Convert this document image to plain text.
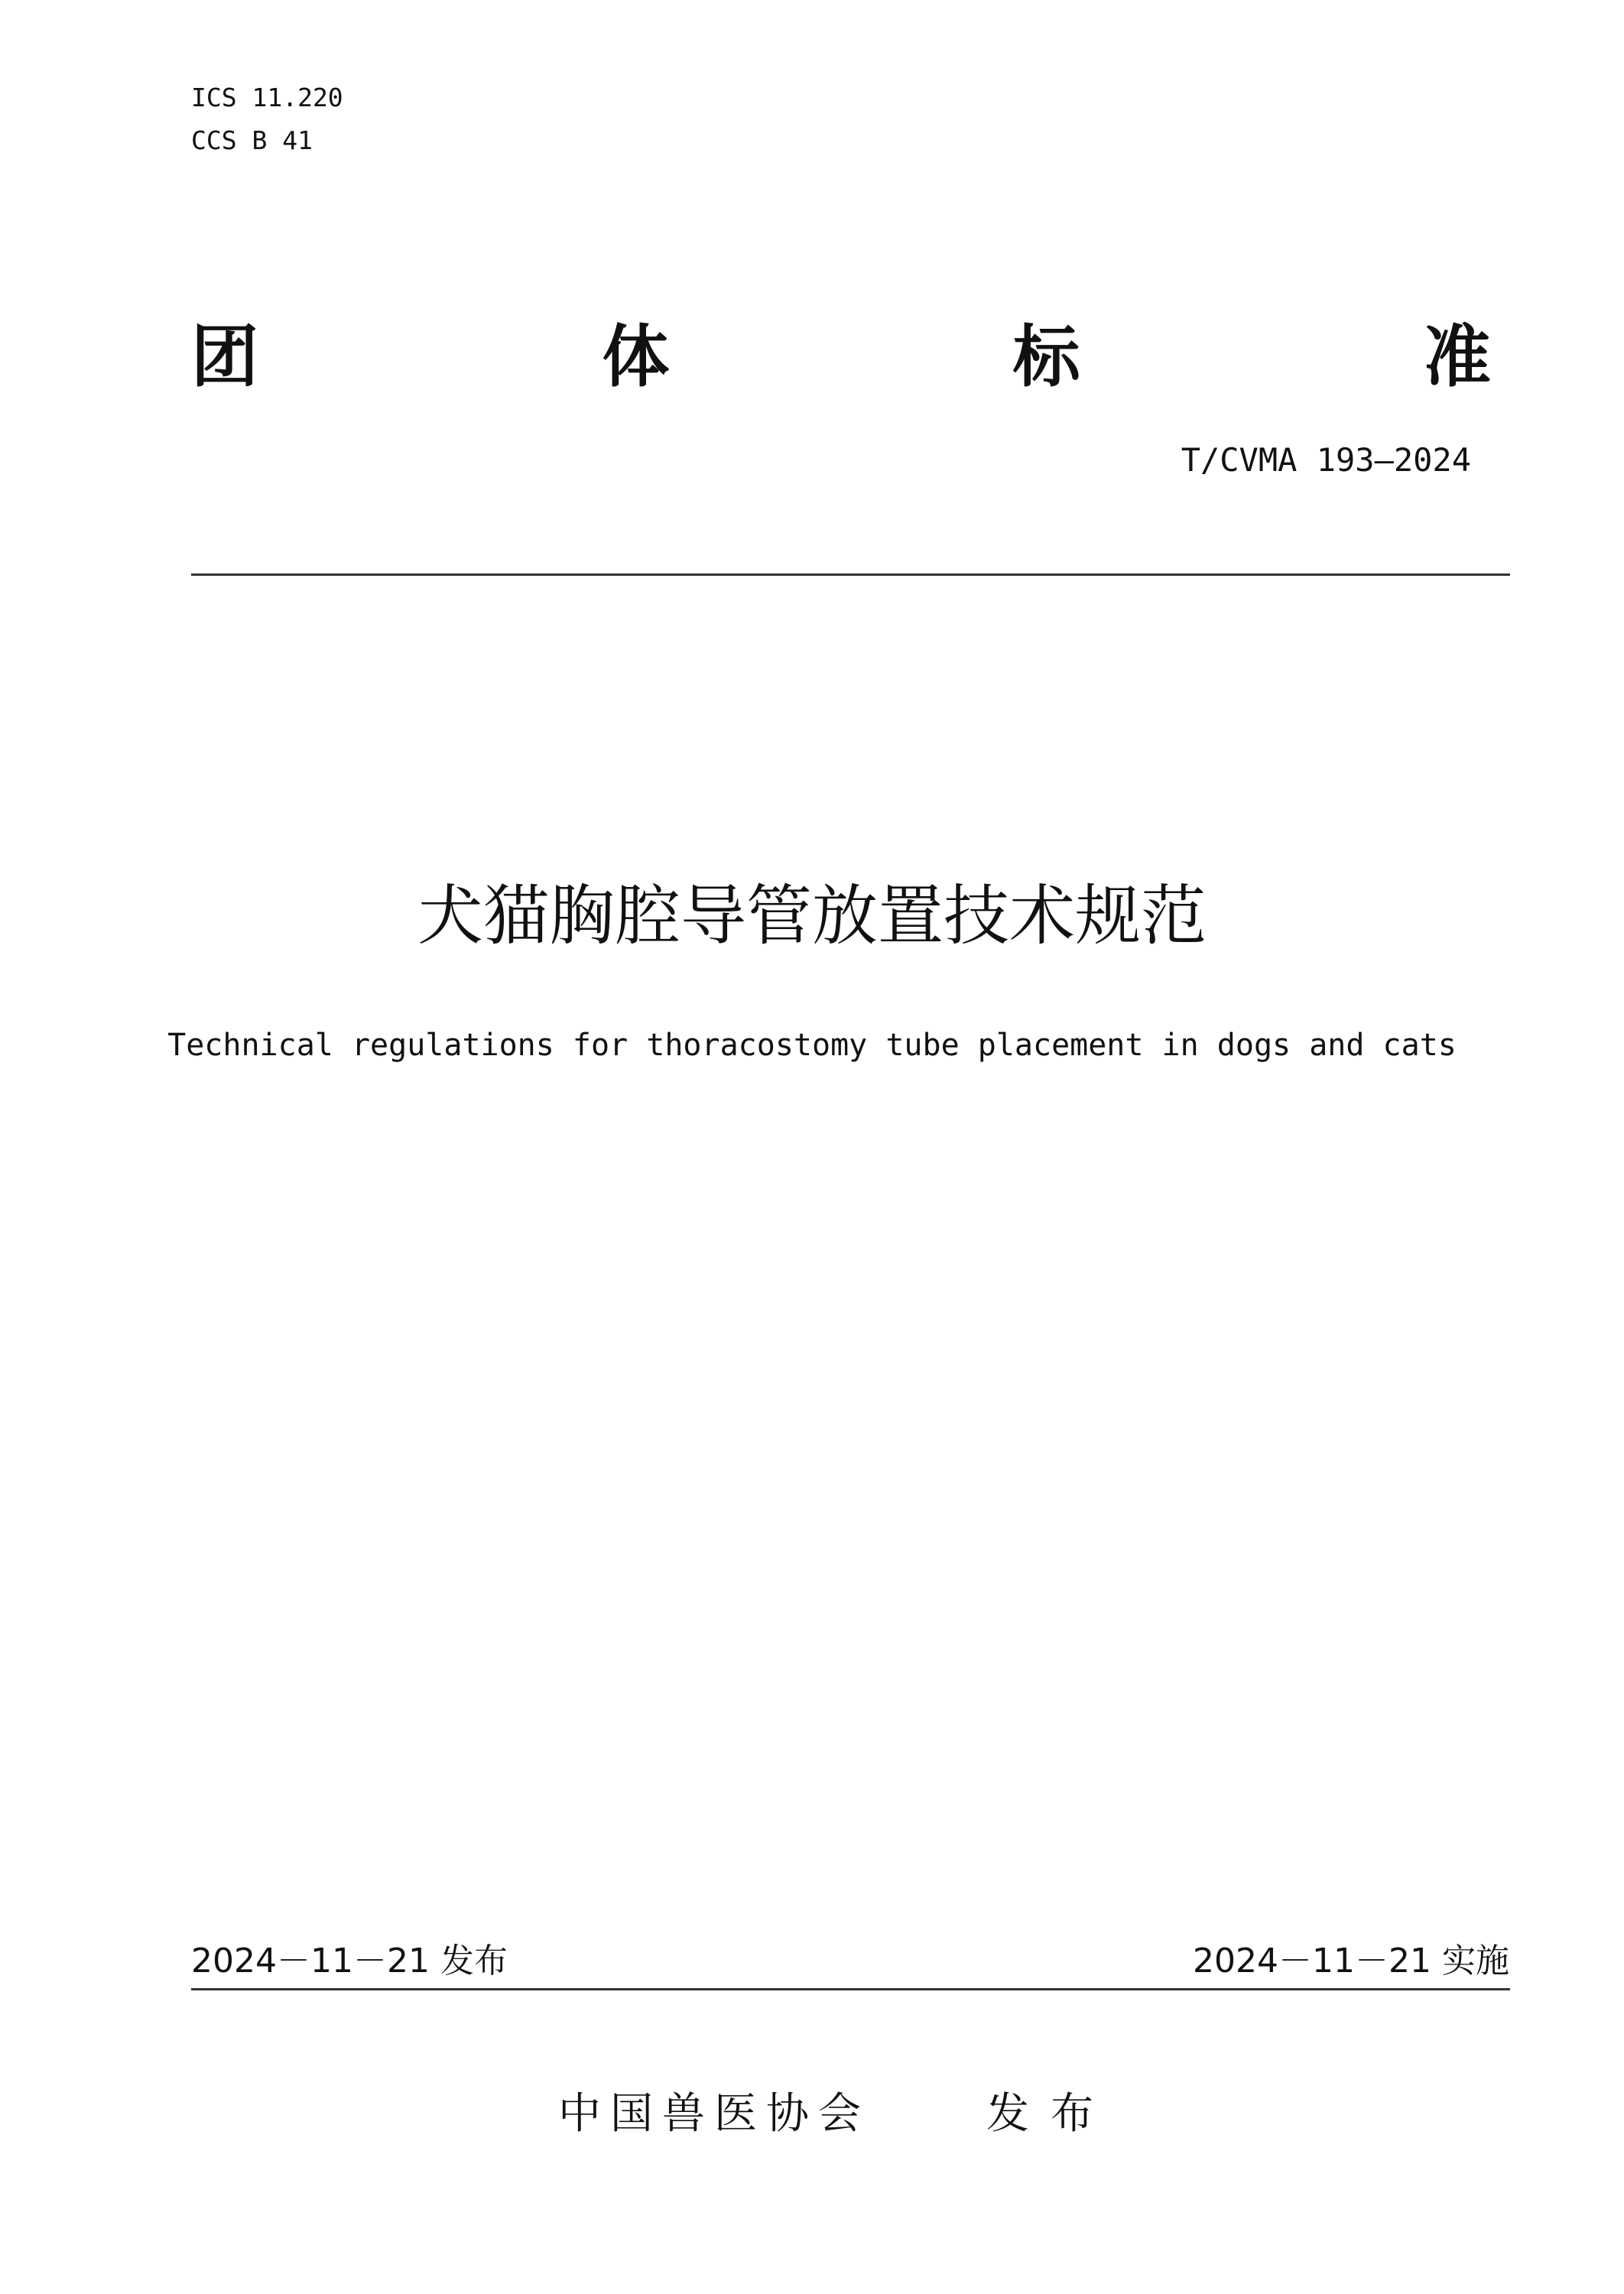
ICS 11.220
CCS B 41
团	体	标	准
T/CVMA 193—2024
犬猫胸腔导管放置技术规范
Technical regulations for thoracostomy tube placement in dogs and cats
2024－11－21 发布	2024－11－21 实施
中国兽医协会	发布
